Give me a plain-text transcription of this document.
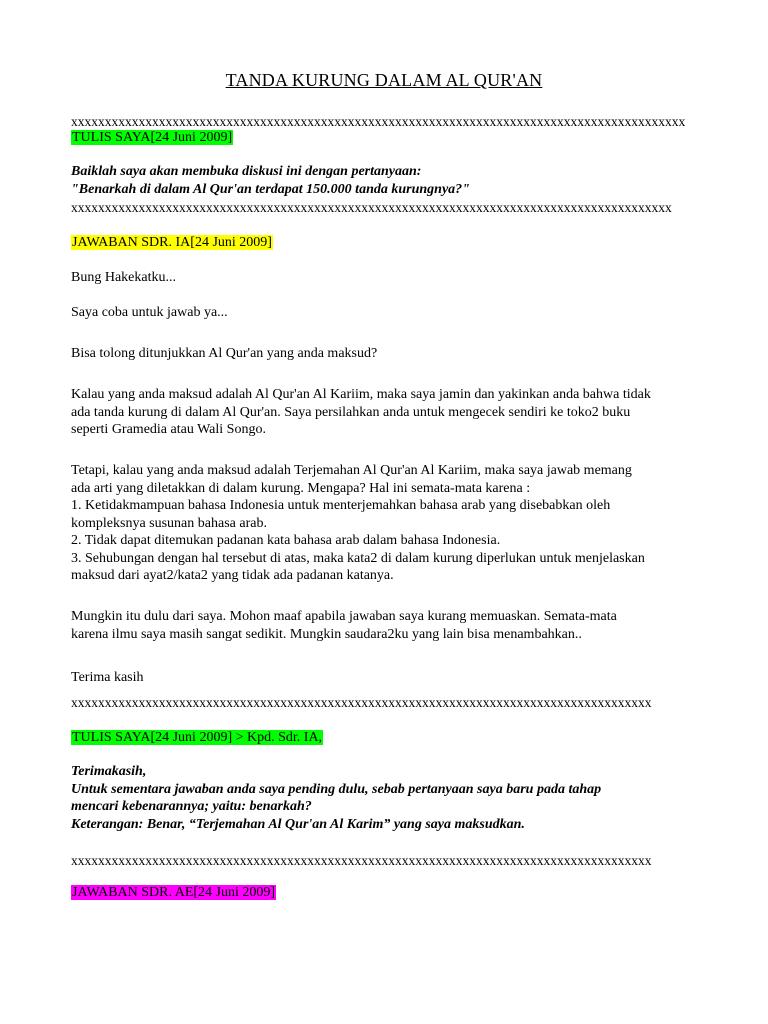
TANDA KURUNG DALAM AL QUR'AN
xxxxxxxxxxxxxxxxxxxxxxxxxxxxxxxxxxxxxxxxxxxxxxxxxxxxxxxxxxxxxxxxxxxxxxxxxxxxxxxxxxxxxxxxxxx
TULIS SAYA[24 Juni 2009]
Baiklah saya akan membuka diskusi ini dengan pertanyaan:
"Benarkah di dalam Al Qur'an terdapat 150.000 tanda kurungnya?"
xxxxxxxxxxxxxxxxxxxxxxxxxxxxxxxxxxxxxxxxxxxxxxxxxxxxxxxxxxxxxxxxxxxxxxxxxxxxxxxxxxxxxxxxx
JAWABAN SDR. IA[24 Juni 2009]
Bung Hakekatku...
Saya coba untuk jawab ya...
Bisa tolong ditunjukkan Al Qur'an yang anda maksud?
Kalau yang anda maksud adalah Al Qur'an Al Kariim, maka saya jamin dan yakinkan anda bahwa tidak
ada tanda kurung di dalam Al Qur'an. Saya persilahkan anda untuk mengecek sendiri ke toko2 buku
seperti Gramedia atau Wali Songo.
Tetapi, kalau yang anda maksud adalah Terjemahan Al Qur'an Al Kariim, maka saya jawab memang
ada arti yang diletakkan di dalam kurung. Mengapa? Hal ini semata-mata karena :
1. Ketidakmampuan bahasa Indonesia untuk menterjemahkan bahasa arab yang disebabkan oleh
kompleksnya susunan bahasa arab.
2. Tidak dapat ditemukan padanan kata bahasa arab dalam bahasa Indonesia.
3. Sehubungan dengan hal tersebut di atas, maka kata2 di dalam kurung diperlukan untuk menjelaskan
maksud dari ayat2/kata2 yang tidak ada padanan katanya.
Mungkin itu dulu dari saya. Mohon maaf apabila jawaban saya kurang memuaskan. Semata-mata
karena ilmu saya masih sangat sedikit. Mungkin saudara2ku yang lain bisa menambahkan..
Terima kasih
xxxxxxxxxxxxxxxxxxxxxxxxxxxxxxxxxxxxxxxxxxxxxxxxxxxxxxxxxxxxxxxxxxxxxxxxxxxxxxxxxxxxxx
TULIS SAYA[24 Juni 2009] > Kpd. Sdr. IA,
Terimakasih,
Untuk sementara jawaban anda saya pending dulu, sebab pertanyaan saya baru pada tahap
mencari kebenarannya; yaitu: benarkah?
Keterangan: Benar, “Terjemahan Al Qur'an Al Karim” yang saya maksudkan.
xxxxxxxxxxxxxxxxxxxxxxxxxxxxxxxxxxxxxxxxxxxxxxxxxxxxxxxxxxxxxxxxxxxxxxxxxxxxxxxxxxxxxx
JAWABAN SDR. AE[24 Juni 2009]
